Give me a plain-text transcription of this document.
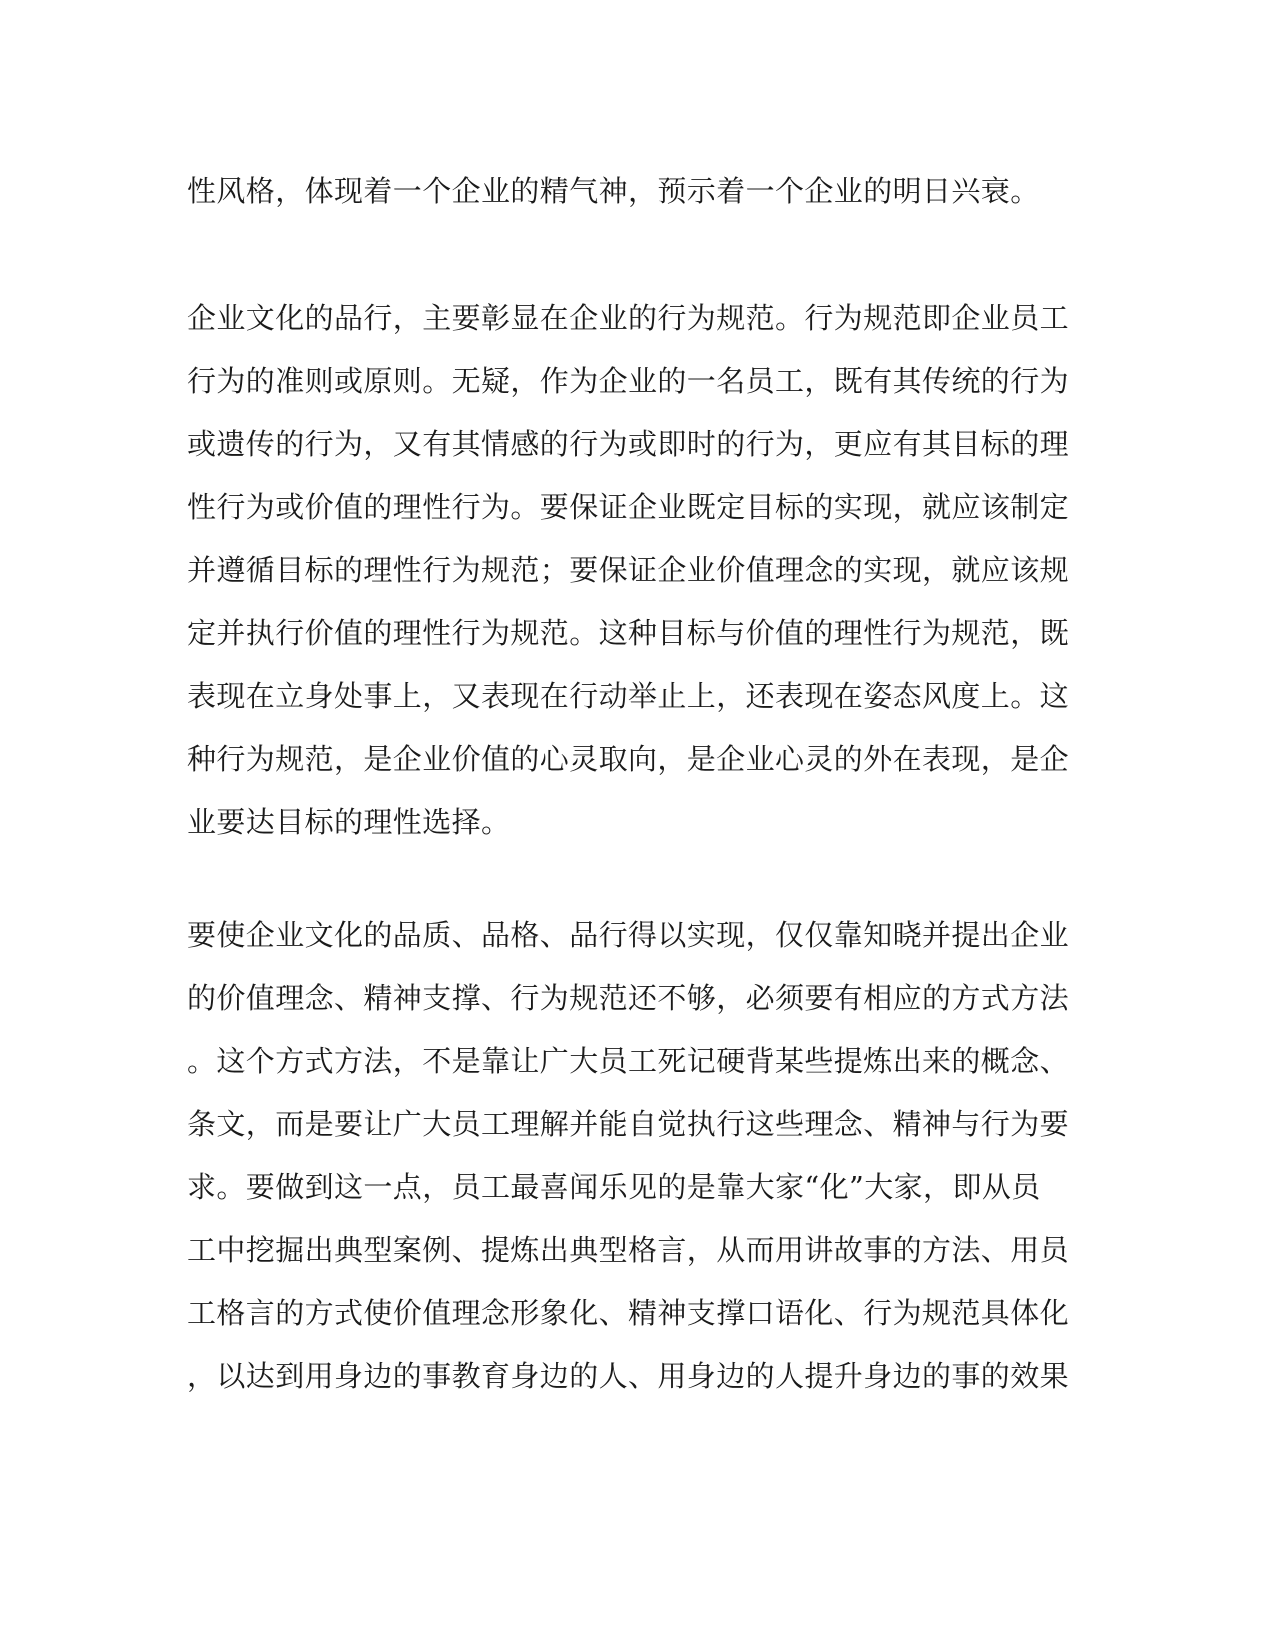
性风格，体现着一个企业的精气神，预示着一个企业的明日兴衰。
企业文化的品行，主要彰显在企业的行为规范。行为规范即企业员工
行为的准则或原则。无疑，作为企业的一名员工，既有其传统的行为
或遗传的行为，又有其情感的行为或即时的行为，更应有其目标的理
性行为或价值的理性行为。要保证企业既定目标的实现，就应该制定
并遵循目标的理性行为规范；要保证企业价值理念的实现，就应该规
定并执行价值的理性行为规范。这种目标与价值的理性行为规范，既
表现在立身处事上，又表现在行动举止上，还表现在姿态风度上。这
种行为规范，是企业价值的心灵取向，是企业心灵的外在表现，是企
业要达目标的理性选择。
要使企业文化的品质、品格、品行得以实现，仅仅靠知晓并提出企业
的价值理念、精神支撑、行为规范还不够，必须要有相应的方式方法
。这个方式方法，不是靠让广大员工死记硬背某些提炼出来的概念、
条文，而是要让广大员工理解并能自觉执行这些理念、精神与行为要
求。要做到这一点，员工最喜闻乐见的是靠大家“化”大家，即从员
工中挖掘出典型案例、提炼出典型格言，从而用讲故事的方法、用员
工格言的方式使价值理念形象化、精神支撑口语化、行为规范具体化
，以达到用身边的事教育身边的人、用身边的人提升身边的事的效果
